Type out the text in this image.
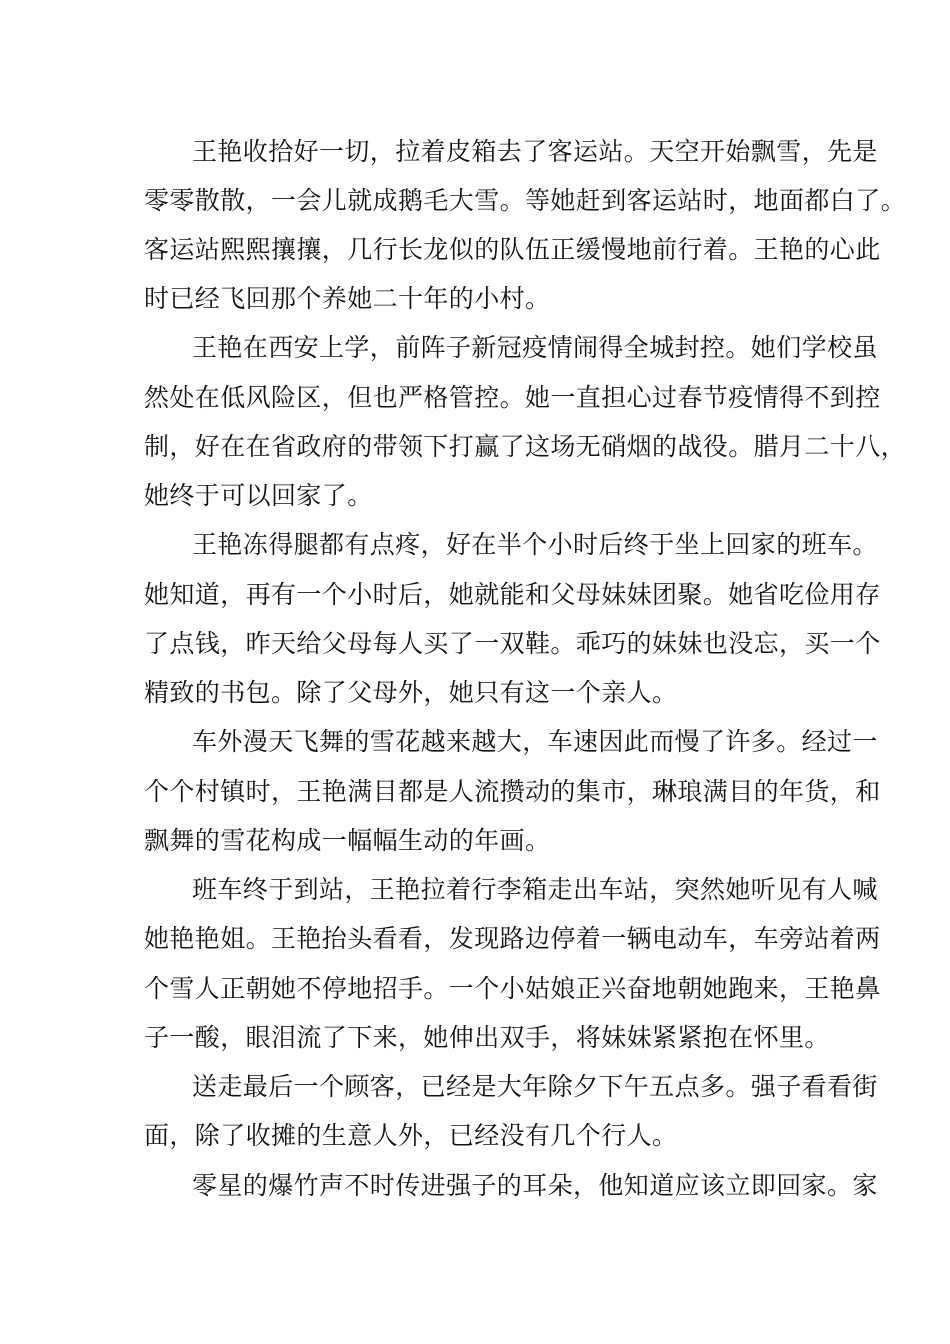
王艳收拾好一切，拉着皮箱去了客运站。天空开始飘雪，先是
零零散散，一会儿就成鹅毛大雪。等她赶到客运站时，地面都白了。
客运站熙熙攘攘，几行长龙似的队伍正缓慢地前行着。王艳的心此
时已经飞回那个养她二十年的小村。
王艳在西安上学，前阵子新冠疫情闹得全城封控。她们学校虽
然处在低风险区，但也严格管控。她一直担心过春节疫情得不到控
制，好在在省政府的带领下打赢了这场无硝烟的战役。腊月二十八，
她终于可以回家了。
王艳冻得腿都有点疼，好在半个小时后终于坐上回家的班车。
她知道，再有一个小时后，她就能和父母妹妹团聚。她省吃俭用存
了点钱，昨天给父母每人买了一双鞋。乖巧的妹妹也没忘，买一个
精致的书包。除了父母外，她只有这一个亲人。
车外漫天飞舞的雪花越来越大，车速因此而慢了许多。经过一
个个村镇时，王艳满目都是人流攒动的集市，琳琅满目的年货，和
飘舞的雪花构成一幅幅生动的年画。
班车终于到站，王艳拉着行李箱走出车站，突然她听见有人喊
她艳艳姐。王艳抬头看看，发现路边停着一辆电动车，车旁站着两
个雪人正朝她不停地招手。一个小姑娘正兴奋地朝她跑来，王艳鼻
子一酸，眼泪流了下来，她伸出双手，将妹妹紧紧抱在怀里。
送走最后一个顾客，已经是大年除夕下午五点多。强子看看街
面，除了收摊的生意人外，已经没有几个行人。
零星的爆竹声不时传进强子的耳朵，他知道应该立即回家。家
